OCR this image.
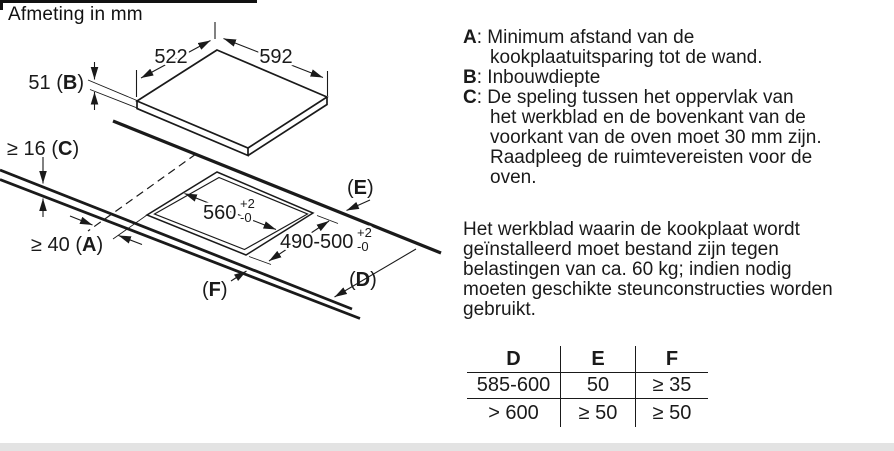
Afmeting in mm
522	592
51 (B)
≥ 16 (C)
560 +2
-0
490-500 +2
-0
≥ 40 (A)
(E)
(D)
(F)
A: Minimum afstand van de
kookplaatuitsparing tot de wand.
B: Inbouwdiepte
C: De speling tussen het oppervlak van
het werkblad en de bovenkant van de
voorkant van de oven moet 30 mm zijn.
Raadpleeg de ruimtevereisten voor de
oven.
Het werkblad waarin de kookplaat wordt
geïnstalleerd moet bestand zijn tegen
belastingen van ca. 60 kg; indien nodig
moeten geschikte steunconstructies worden
gebruikt.
D	E	F
585-600	50	≥ 35
> 600	≥ 50	≥ 50
